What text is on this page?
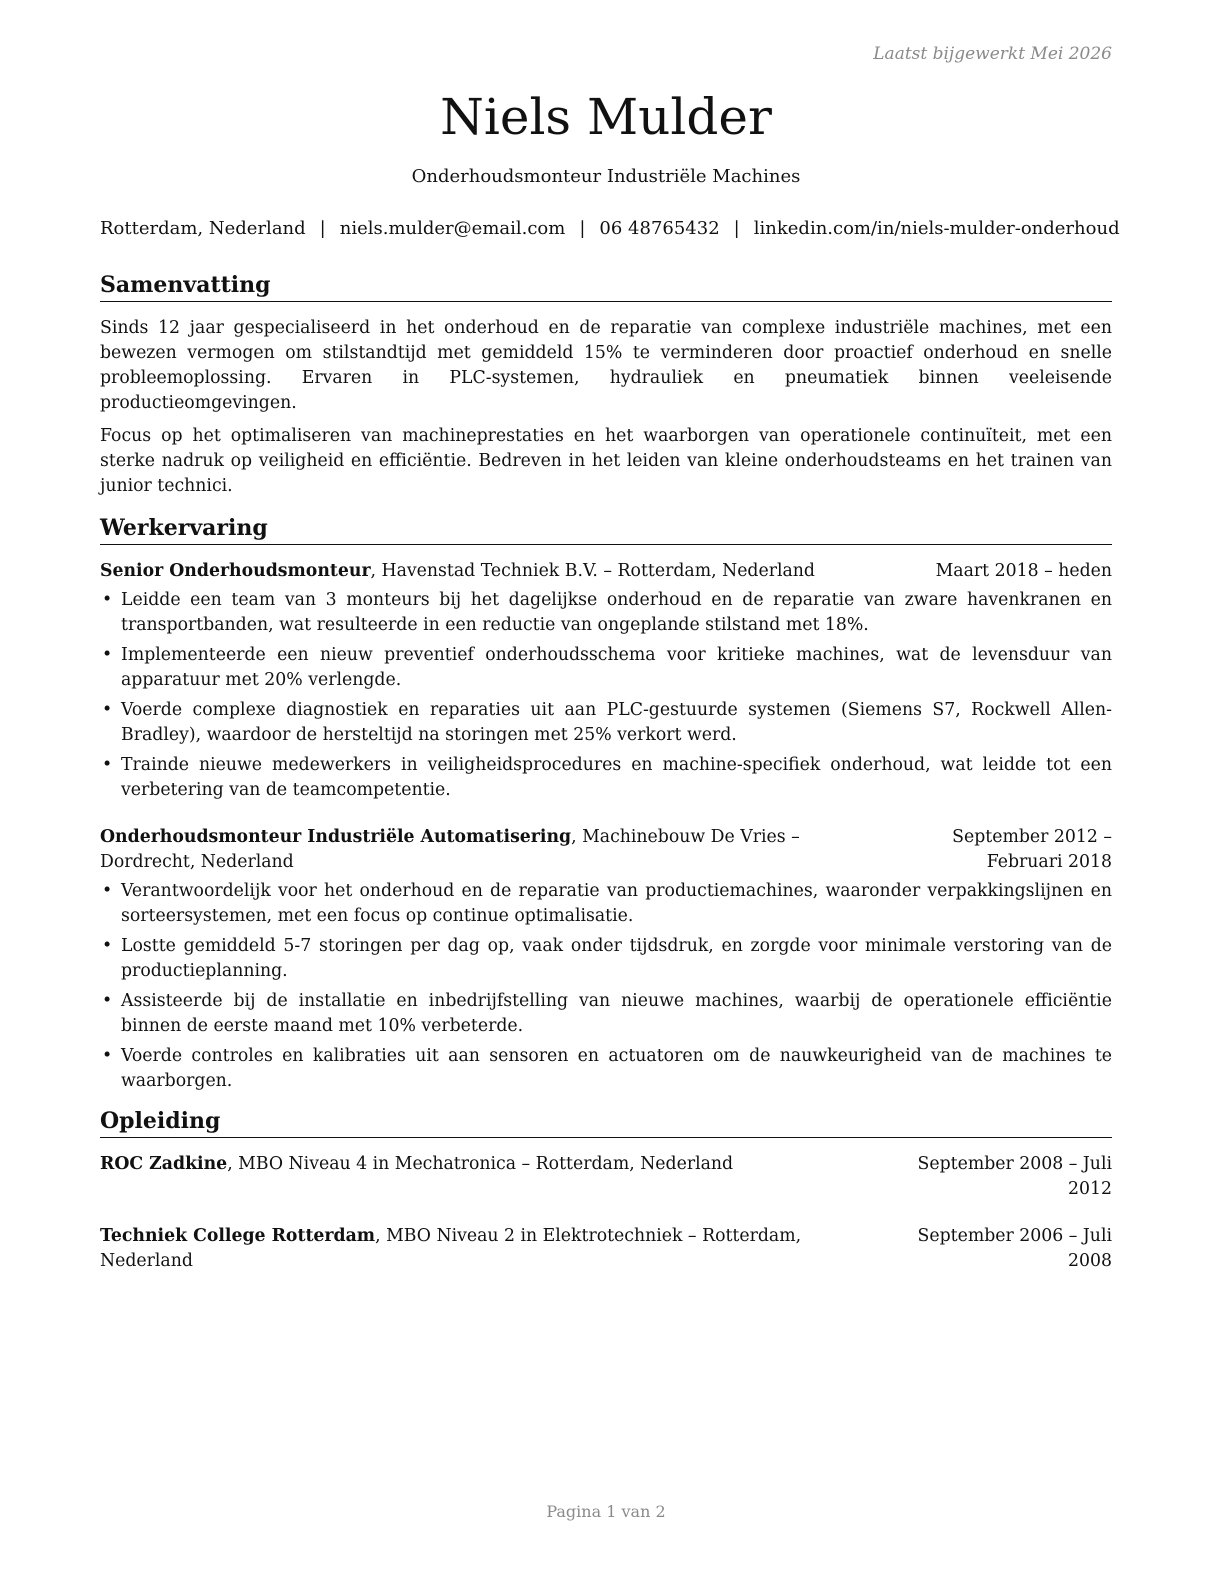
Laatst bijgewerkt Mei 2026
Niels Mulder
Onderhoudsmonteur Industriële Machines
Rotterdam, Nederland | niels.mulder@email.com | 06 48765432 | linkedin.com/in/niels-mulder-onderhoud
Samenvatting

Sinds 12 jaar gespecialiseerd in het onderhoud en de reparatie van complexe industriële machines, met een bewezen vermogen om stilstandtijd met gemiddeld 15% te verminderen door proactief onderhoud en snelle probleemoplossing. Ervaren in PLC-systemen, hydrauliek en pneumatiek binnen veeleisende productieomgevingen.

Focus op het optimaliseren van machineprestaties en het waarborgen van operationele continuïteit, met een sterke nadruk op veiligheid en efficiëntie. Bedreven in het leiden van kleine onderhoudsteams en het trainen van junior technici.

Werkervaring
Senior Onderhoudsmonteur, Havenstad Techniek B.V. – Rotterdam, Nederland	Maart 2018 – heden
• Leidde een team van 3 monteurs bij het dagelijkse onderhoud en de reparatie van zware havenkranen en transportbanden, wat resulteerde in een reductie van ongeplande stilstand met 18%.
• Implementeerde een nieuw preventief onderhoudsschema voor kritieke machines, wat de levensduur van apparatuur met 20% verlengde.
• Voerde complexe diagnostiek en reparaties uit aan PLC-gestuurde systemen (Siemens S7, Rockwell Allen-Bradley), waardoor de hersteltijd na storingen met 25% verkort werd.
• Trainde nieuwe medewerkers in veiligheidsprocedures en machine-specifiek onderhoud, wat leidde tot een verbetering van de teamcompetentie.
Onderhoudsmonteur Industriële Automatisering, Machinebouw De Vries – Dordrecht, Nederland
September 2012 – Februari 2018
• Verantwoordelijk voor het onderhoud en de reparatie van productiemachines, waaronder verpakkingslijnen en sorteersystemen, met een focus op continue optimalisatie.
• Lostte gemiddeld 5-7 storingen per dag op, vaak onder tijdsdruk, en zorgde voor minimale verstoring van de productieplanning.
• Assisteerde bij de installatie en inbedrijfstelling van nieuwe machines, waarbij de operationele efficiëntie binnen de eerste maand met 10% verbeterde.
• Voerde controles en kalibraties uit aan sensoren en actuatoren om de nauwkeurigheid van de machines te waarborgen.
Opleiding
ROC Zadkine, MBO Niveau 4 in Mechatronica – Rotterdam, Nederland	September 2008 – Juli 2012
Techniek College Rotterdam, MBO Niveau 2 in Elektrotechniek – Rotterdam, Nederland
September 2006 – Juli 2008
Pagina 1 van 2
